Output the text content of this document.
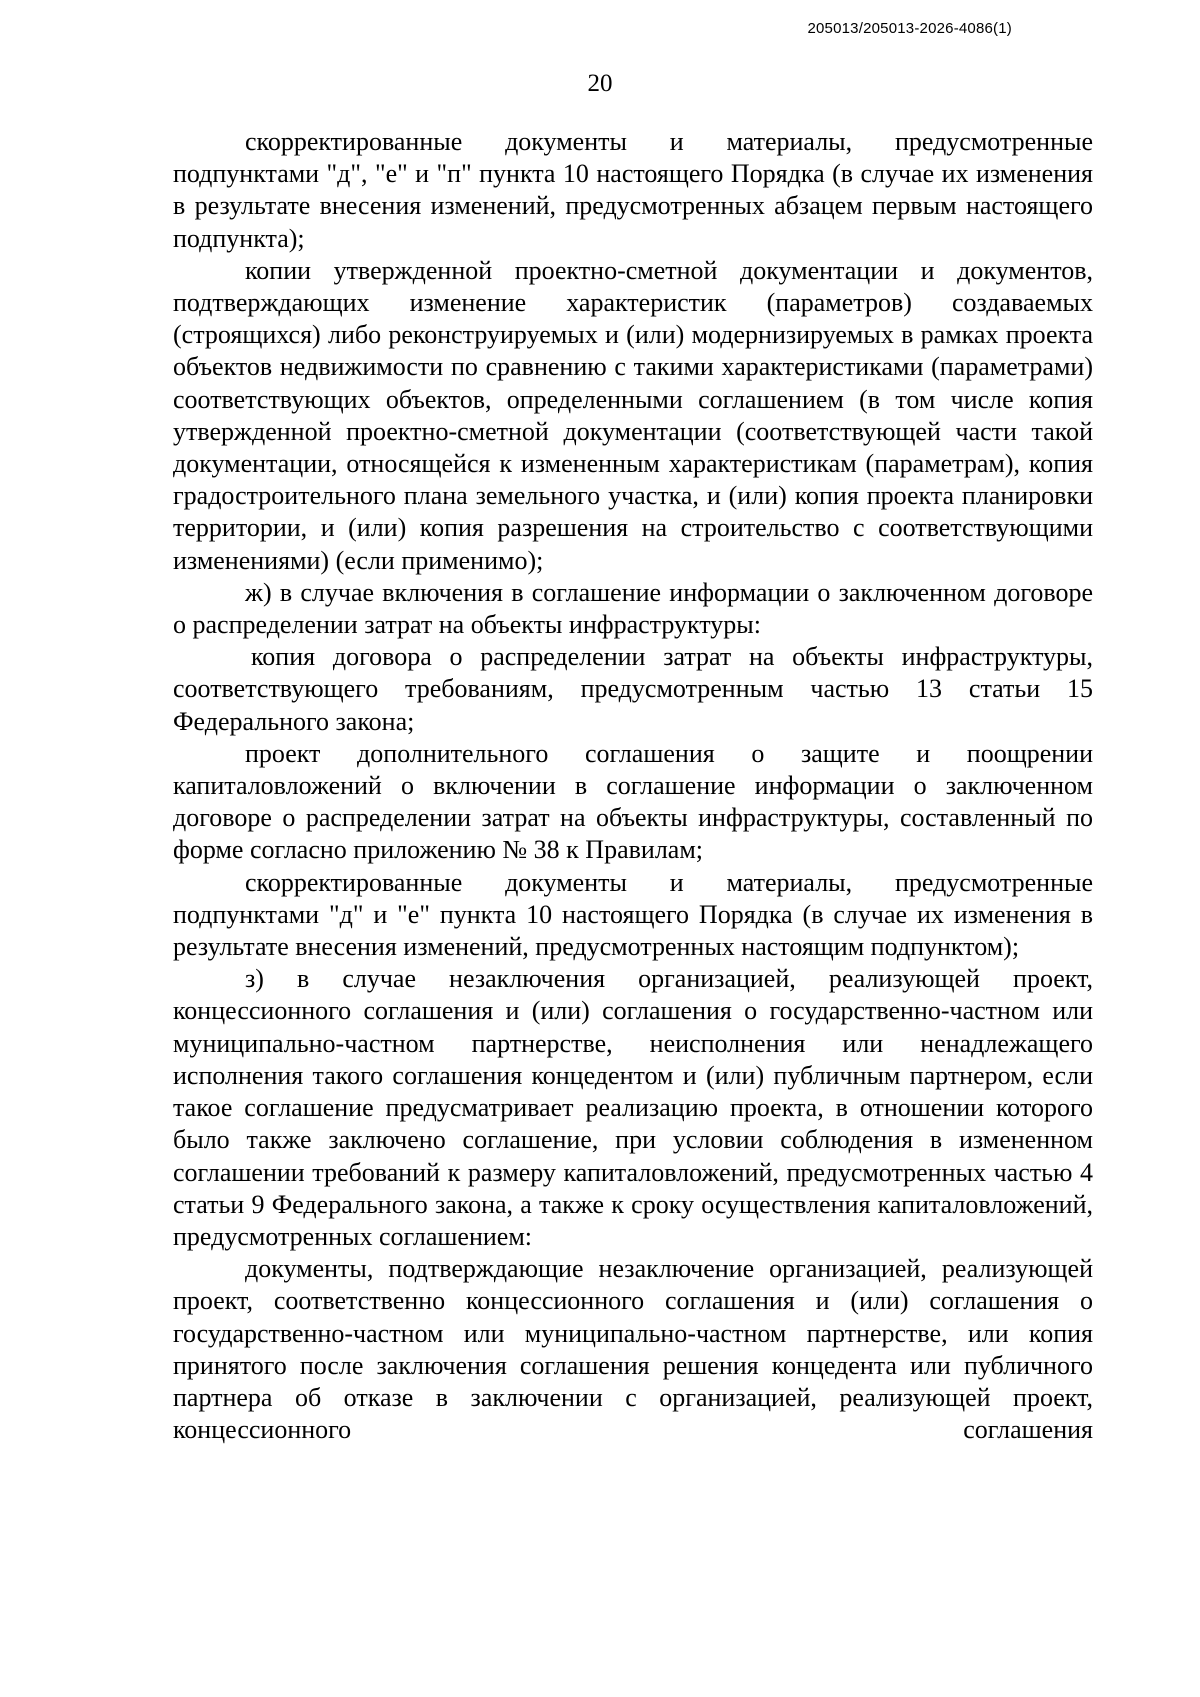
205013/205013-2026-4086(1)
20

скорректированные документы и материалы, предусмотренные подпунктами "д", "е" и "п" пункта 10 настоящего Порядка (в случае их изменения в результате внесения изменений, предусмотренных абзацем первым настоящего подпункта);

копии утвержденной проектно-сметной документации и документов, подтверждающих изменение характеристик (параметров) создаваемых (строящихся) либо реконструируемых и (или) модернизируемых в рамках проекта объектов недвижимости по сравнению с такими характеристиками (параметрами) соответствующих объектов, определенными соглашением (в том числе копия утвержденной проектно-сметной документации (соответствующей части такой документации, относящейся к измененным характеристикам (параметрам), копия градостроительного плана земельного участка, и (или) копия проекта планировки территории, и (или) копия разрешения на строительство с соответствующими изменениями) (если применимо);

ж) в случае включения в соглашение информации о заключенном договоре о распределении затрат на объекты инфраструктуры:

копия договора о распределении затрат на объекты инфраструктуры, соответствующего требованиям, предусмотренным частью 13 статьи 15 Федерального закона;

проект дополнительного соглашения о защите и поощрении капиталовложений о включении в соглашение информации о заключенном договоре о распределении затрат на объекты инфраструктуры, составленный по форме согласно приложению № 38 к Правилам;

скорректированные документы и материалы, предусмотренные подпунктами "д" и "е" пункта 10 настоящего Порядка (в случае их изменения в результате внесения изменений, предусмотренных настоящим подпунктом);

з) в случае незаключения организацией, реализующей проект, концессионного соглашения и (или) соглашения о государственно-частном или муниципально-частном партнерстве, неисполнения или ненадлежащего исполнения такого соглашения концедентом и (или) публичным партнером, если такое соглашение предусматривает реализацию проекта, в отношении которого было также заключено соглашение, при условии соблюдения в измененном соглашении требований к размеру капиталовложений, предусмотренных частью 4 статьи 9 Федерального закона, а также к сроку осуществления капиталовложений, предусмотренных соглашением:

документы, подтверждающие незаключение организацией, реализующей проект, соответственно концессионного соглашения и (или) соглашения о государственно-частном или муниципально-частном партнерстве, или копия принятого после заключения соглашения решения концедента или публичного партнера об отказе в заключении с организацией, реализующей проект, концессионного соглашения
